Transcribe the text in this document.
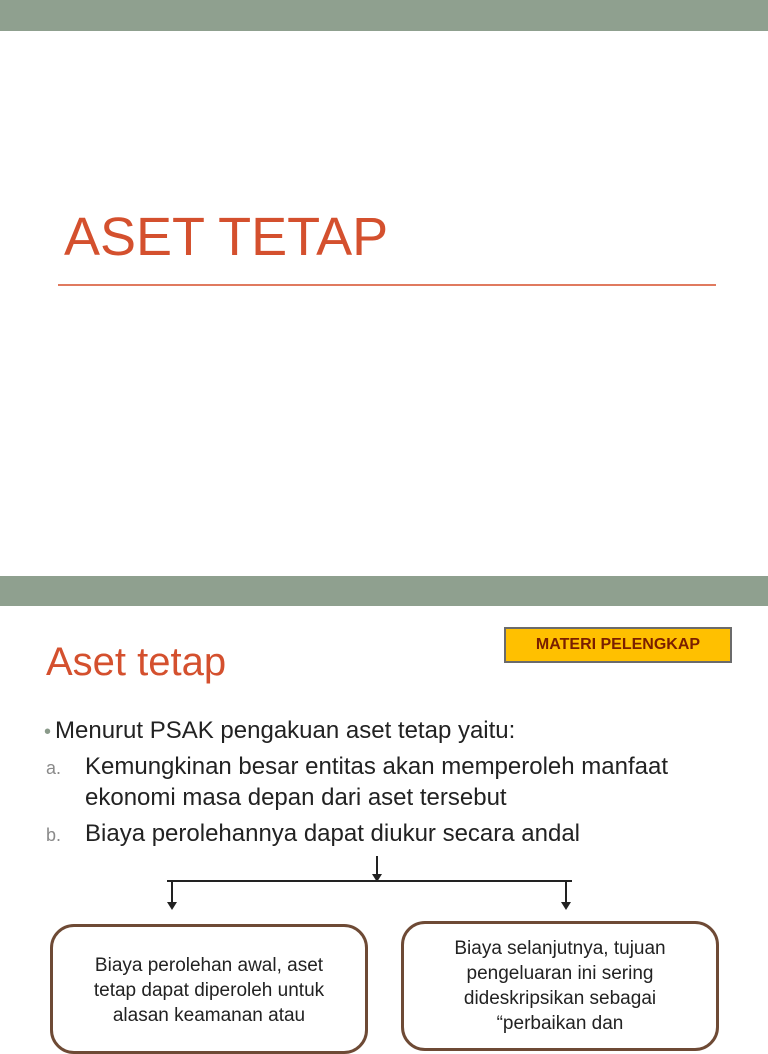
ASET TETAP
Aset tetap	MATERI PELENGKAP
• Menurut PSAK pengakuan aset tetap yaitu:
a. Kemungkinan besar entitas akan memperoleh manfaat ekonomi masa depan dari aset tersebut
b. Biaya perolehannya dapat diukur secara andal
Biaya perolehan awal, aset tetap dapat diperoleh untuk alasan keamanan atau
Biaya selanjutnya, tujuan pengeluaran ini sering dideskripsikan sebagai “perbaikan dan
